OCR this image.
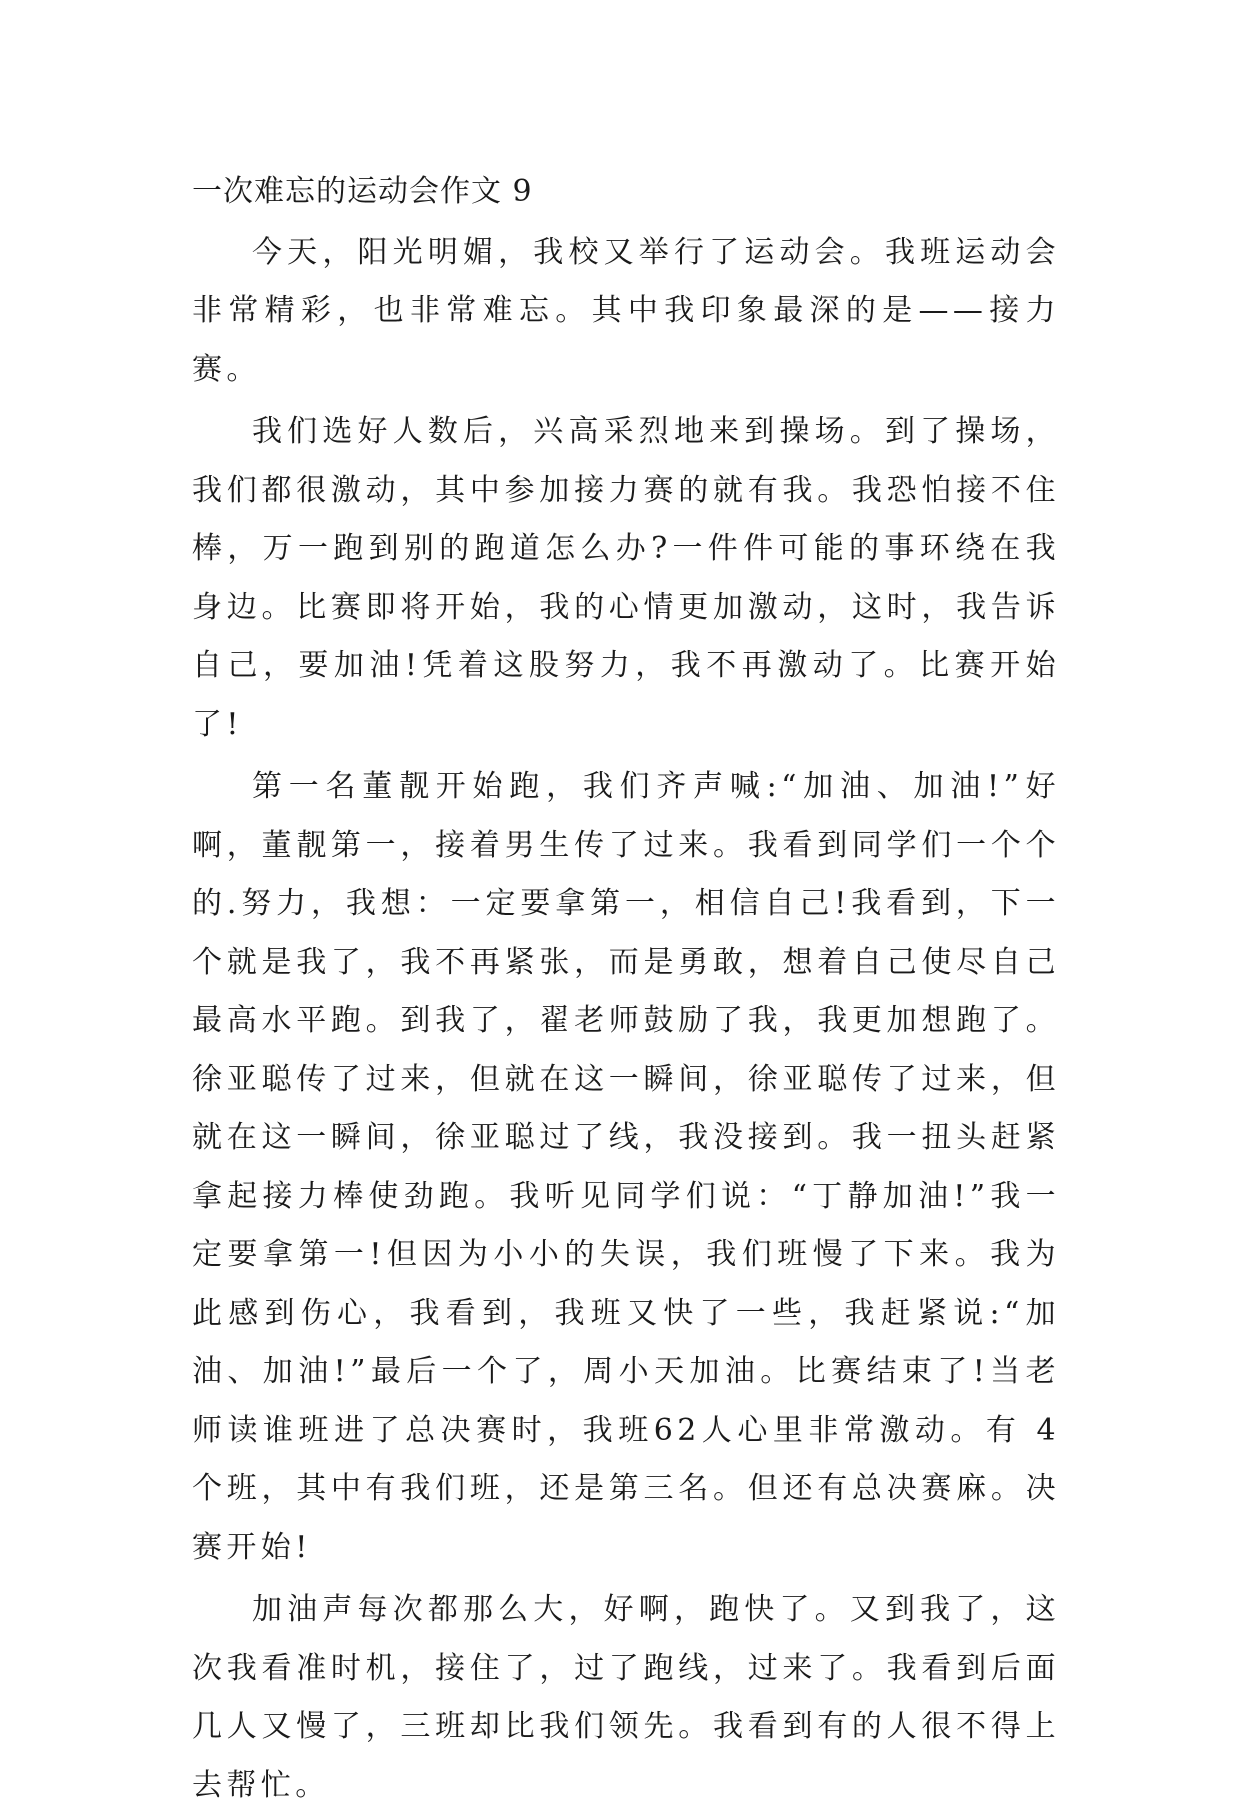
一次难忘的运动会作文 9

今天，阳光明媚，我校又举行了运动会。我班运动会非常精彩，也非常难忘。其中我印象最深的是——接力赛。

我们选好人数后，兴高采烈地来到操场。到了操场，我们都很激动，其中参加接力赛的就有我。我恐怕接不住棒，万一跑到别的跑道怎么办?一件件可能的事环绕在我身边。比赛即将开始，我的心情更加激动，这时，我告诉自己，要加油!凭着这股努力，我不再激动了。比赛开始了!

第一名董靓开始跑，我们齐声喊:“加油、加油!”好啊，董靓第一，接着男生传了过来。我看到同学们一个个的.努力，我想：一定要拿第一，相信自己!我看到，下一个就是我了，我不再紧张，而是勇敢，想着自己使尽自己最高水平跑。到我了，翟老师鼓励了我，我更加想跑了。徐亚聪传了过来，但就在这一瞬间，徐亚聪传了过来，但就在这一瞬间，徐亚聪过了线，我没接到。我一扭头赶紧拿起接力棒使劲跑。我听见同学们说：“丁静加油!”我一定要拿第一!但因为小小的失误，我们班慢了下来。我为此感到伤心，我看到，我班又快了一些，我赶紧说:“加油、加油!”最后一个了，周小天加油。比赛结束了!当老师读谁班进了总决赛时，我班62人心里非常激动。有 4 个班，其中有我们班，还是第三名。但还有总决赛麻。决赛开始!

加油声每次都那么大，好啊，跑快了。又到我了，这次我看准时机，接住了，过了跑线，过来了。我看到后面几人又慢了，三班却比我们领先。我看到有的人很不得上去帮忙。
